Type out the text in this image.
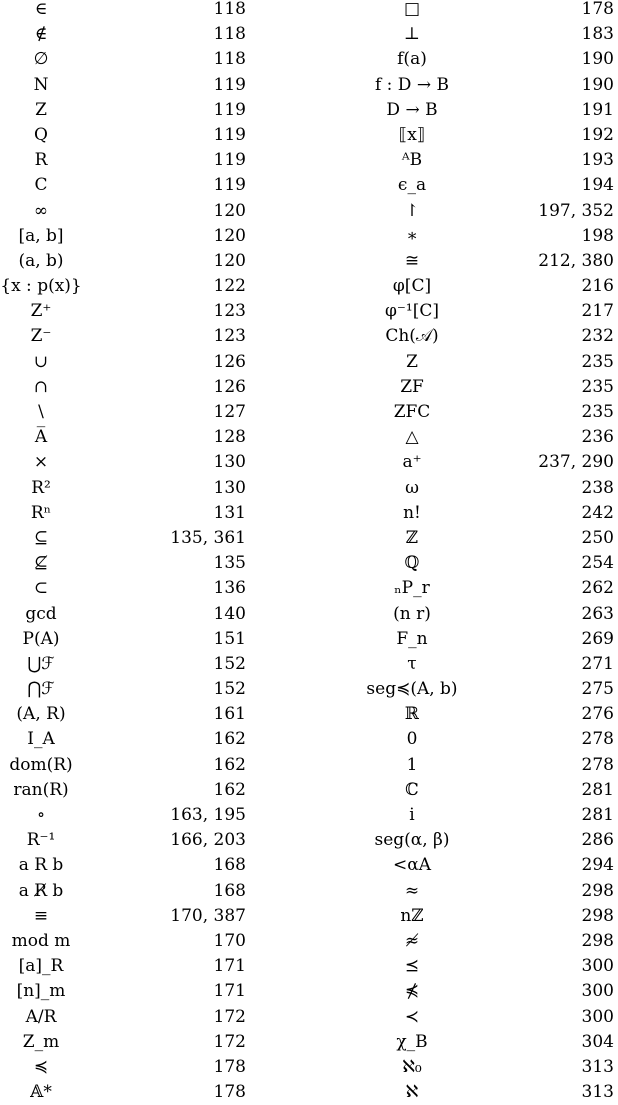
∈	118
∉	118
∅	118
N	119
Z	119
Q	119
R	119
C	119
∞	120
[a, b]	120
(a, b)	120
{x : p(x)}	122
Z⁺	123
Z⁻	123
∪	126
∩	126
\	127
A̅	128
×	130
R²	130
Rⁿ	131
⊆	135, 361
⊈	135
⊂	136
gcd	140
P(A)	151
⋃ℱ	152
⋂ℱ	152
(A, R)	161
I_A	162
dom(R)	162
ran(R)	162
∘	163, 195
R⁻¹	166, 203
a R b	168
a R̸ b	168
≡	170, 387
mod m	170
[a]_R	171
[n]_m	171
A/R	172
Z_m	172
≼	178
𝔸*	178
□	178
⊥	183
f(a)	190
f : D → B	190
D → B	191
⟦x⟧	192
ᴬB	193
ϵ_a	194
↾	197, 352
∗	198
≅	212, 380
φ[C]	216
φ⁻¹[C]	217
Ch(𝒜)	232
Z	235
ZF	235
ZFC	235
△	236
a⁺	237, 290
ω	238
n!	242
ℤ	250
ℚ	254
ₙP_r	262
(n r)	263
F_n	269
τ	271
seg≼(A, b)	275
ℝ	276
0	278
1	278
ℂ	281
i	281
seg(α, β)	286
<αA	294
≈	298
nℤ	298
≉	298
⪯	300
⋠	300
≺	300
χ_B	304
ℵ₀	313
ℵ	313
